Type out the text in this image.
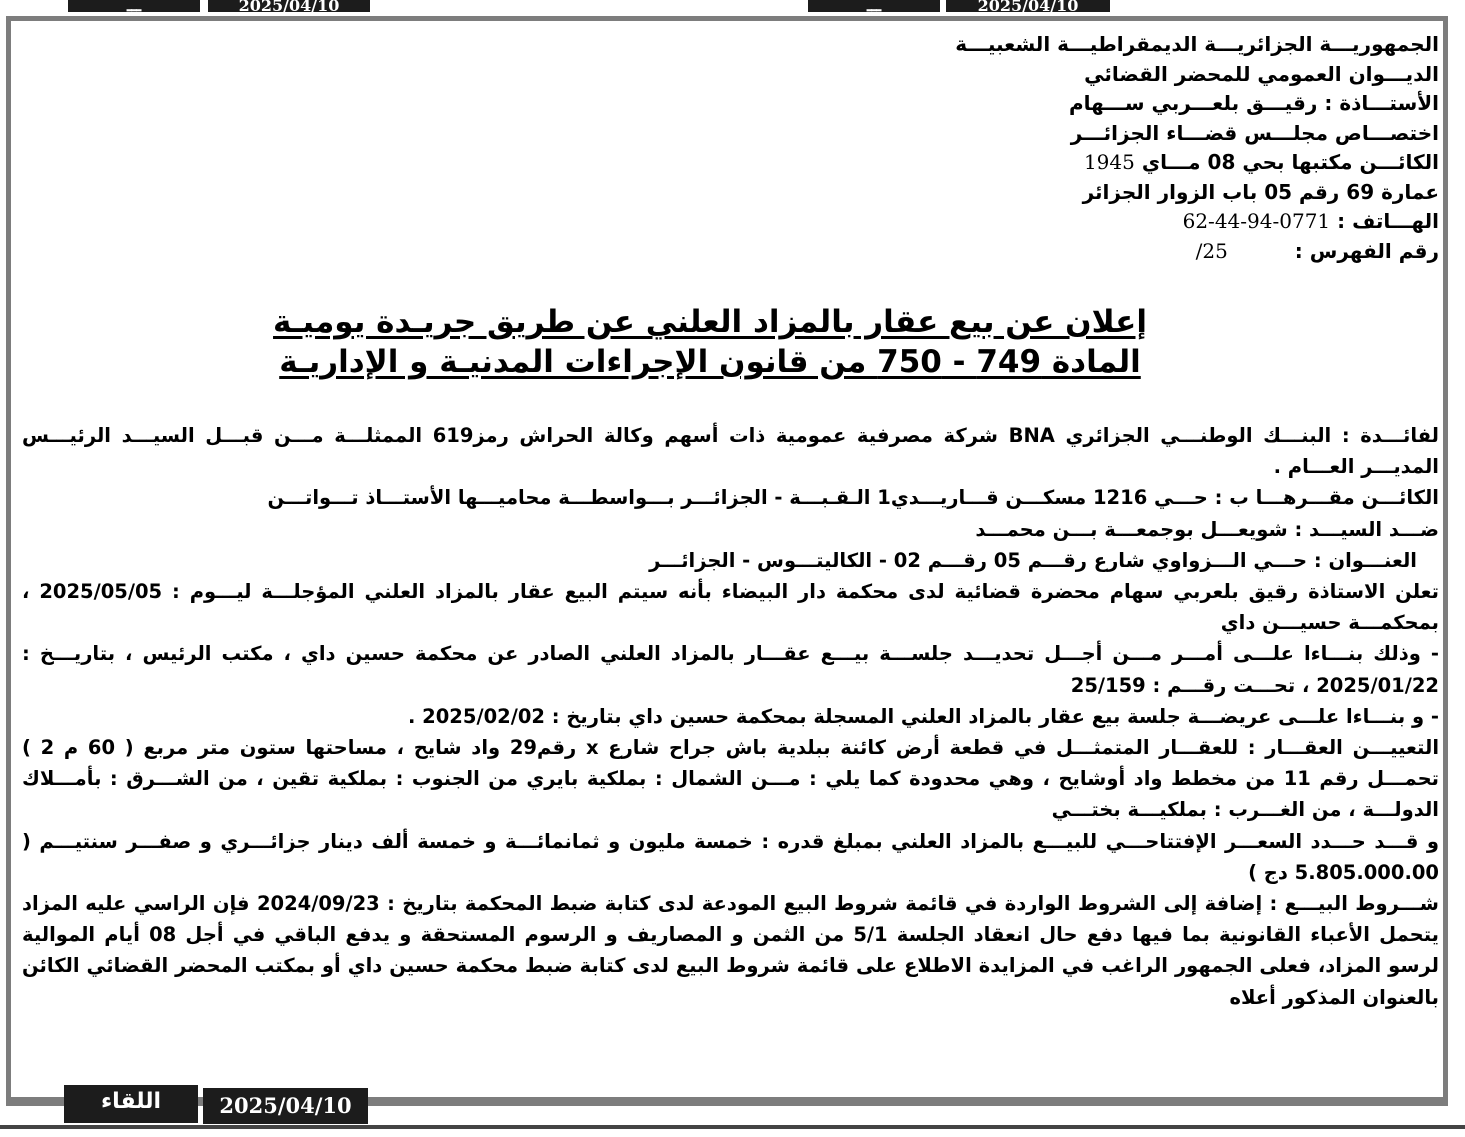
ـــ	2025/04/10	ـــ	2025/04/10
الجمهوريـــة الجزائريـــة الديمقراطيـــة الشعبيـــة
الديـــوان العمومي للمحضر القضائي
الأستـــاذة : رقيـــق بلعـــربي ســـهام
اختصـــاص مجلـــس قضـــاء الجزائـــر
الكائـــن مكتبها بحي 08 مـــاي 1945
عمارة 69 رقم 05 باب الزوار الجزائر
الهـــاتف : 0771-94-44-62
رقم الفهرس : 25/
إعلان عن بيع عقار بالمزاد العلني عن طريق جريـدة يوميـة
المادة 749 - 750 من قانون الإجراءات المدنيـة و الإداريـة

لفائـــدة : البنـــك الوطنـــي الجزائري BNA شركة مصرفية عمومية ذات أسهم وكالة الحراش رمز619 الممثلـــة مـــن قبـــل السيـــد الرئيـــس المديـــر العـــام .

الكائـــن مقـــرهـــا ب : حـــي 1216 مسكـــن قـــاريـــدي1 الـقـبـــة - الجزائـــر بـــواسطـــة محاميـــها الأستـــاذ تـــواتـــن

ضـــد السيـــد : شويعـــل بوجمعـــة بـــن محمـــد

العنـــوان : حـــي الـــزواوي شارع رقـــم 05 رقـــم 02 - الكاليتـــوس - الجزائـــر

تعلن الاستاذة رقيق بلعربي سهام محضرة قضائية لدى محكمة دار البيضاء بأنه سيتم البيع عقار بالمزاد العلني المؤجلـــة ليـــوم : 2025/05/05 ، بمحكمـــة حسيـــن داي

- وذلك بنـــاءا علـــى أمـــر مـــن أجـــل تحديـــد جلســـة بيـــع عقـــار بالمزاد العلني الصادر عن محكمة حسين داي ، مكتب الرئيس ، بتاريـــخ : 2025/01/22 ، تحـــت رقـــم : 25/159

- و بنـــاءا علـــى عريضـــة جلسة بيع عقار بالمزاد العلني المسجلة بمحكمة حسين داي بتاريخ : 2025/02/02 .

التعييـــن العقـــار : للعقـــار المتمثـــل في قطعة أرض كائنة ببلدية باش جراح شارع x رقم29 واد شايح ، مساحتها ستون متر مربع ( 60 م 2 ) تحمـــل رقم 11 من مخطط واد أوشايح ، وهي محدودة كما يلي : مـــن الشمال : بملكية بايري من الجنوب : بملكية تقين ، من الشـــرق : بأمـــلاك الدولـــة ، من الغـــرب : بملكيـــة بختـــي

و قـــد حـــدد السعـــر الإفتتاحـــي للبيـــع بالمزاد العلني بمبلغ قدره : خمسة مليون و ثمانمائـــة و خمسة ألف دينار جزائـــري و صفـــر سنتيـــم ( 5.805.000.00 دج )

شـــروط البيـــع : إضافة إلى الشروط الواردة في قائمة شروط البيع المودعة لدى كتابة ضبط المحكمة بتاريخ : 2024/09/23 فإن الراسي عليه المزاد يتحمل الأعباء القانونية بما فيها دفع حال انعقاد الجلسة 5/1 من الثمن و المصاريف و الرسوم المستحقة و يدفع الباقي في أجل 08 أيام الموالية لرسو المزاد، فعلى الجمهور الراغب في المزايدة الاطلاع على قائمة شروط البيع لدى كتابة ضبط محكمة حسين داي أو بمكتب المحضر القضائي الكائن بالعنوان المذكور أعلاه

اللقاء	2025/04/10
